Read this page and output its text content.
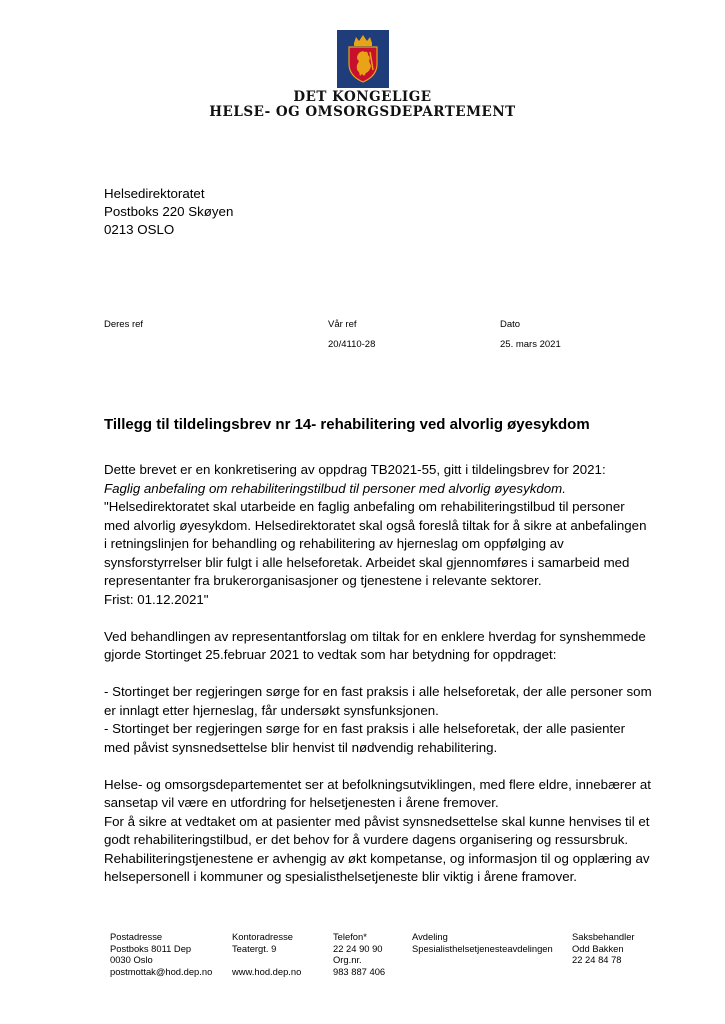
DET KONGELIGE
HELSE- OG OMSORGSDEPARTEMENT
Helsedirektoratet
Postboks 220 Skøyen
0213 OSLO
Deres ref	Vår ref
20/4110-28
Dato
25. mars 2021
Tillegg til tildelingsbrev nr 14- rehabilitering ved alvorlig øyesykdom

Dette brevet er en konkretisering av oppdrag TB2021-55, gitt i tildelingsbrev for 2021:
Faglig anbefaling om rehabiliteringstilbud til personer med alvorlig øyesykdom.
"Helsedirektoratet skal utarbeide en faglig anbefaling om rehabiliteringstilbud til personer
med alvorlig øyesykdom. Helsedirektoratet skal også foreslå tiltak for å sikre at anbefalingen
i retningslinjen for behandling og rehabilitering av hjerneslag om oppfølging av
synsforstyrrelser blir fulgt i alle helseforetak. Arbeidet skal gjennomføres i samarbeid med
representanter fra brukerorganisasjoner og tjenestene i relevante sektorer.
Frist: 01.12.2021"

Ved behandlingen av representantforslag om tiltak for en enklere hverdag for synshemmede
gjorde Stortinget 25.februar 2021 to vedtak som har betydning for oppdraget:

- Stortinget ber regjeringen sørge for en fast praksis i alle helseforetak, der alle personer som
er innlagt etter hjerneslag, får undersøkt synsfunksjonen.
- Stortinget ber regjeringen sørge for en fast praksis i alle helseforetak, der alle pasienter
med påvist synsnedsettelse blir henvist til nødvendig rehabilitering.

Helse- og omsorgsdepartementet ser at befolkningsutviklingen, med flere eldre, innebærer at
sansetap vil være en utfordring for helsetjenesten i årene fremover.
For å sikre at vedtaket om at pasienter med påvist synsnedsettelse skal kunne henvises til et
godt rehabiliteringstilbud, er det behov for å vurdere dagens organisering og ressursbruk.
Rehabiliteringstjenestene er avhengig av økt kompetanse, og informasjon til og opplæring av
helsepersonell i kommuner og spesialisthelsetjeneste blir viktig i årene framover.

Postadresse
Postboks 8011 Dep
0030 Oslo
postmottak@hod.dep.no
Kontoradresse
Teatergt. 9

www.hod.dep.no
Telefon*
22 24 90 90
Org.nr.
983 887 406
Avdeling
Spesialisthelsetjenesteavdelingen
Saksbehandler
Odd Bakken
22 24 84 78
